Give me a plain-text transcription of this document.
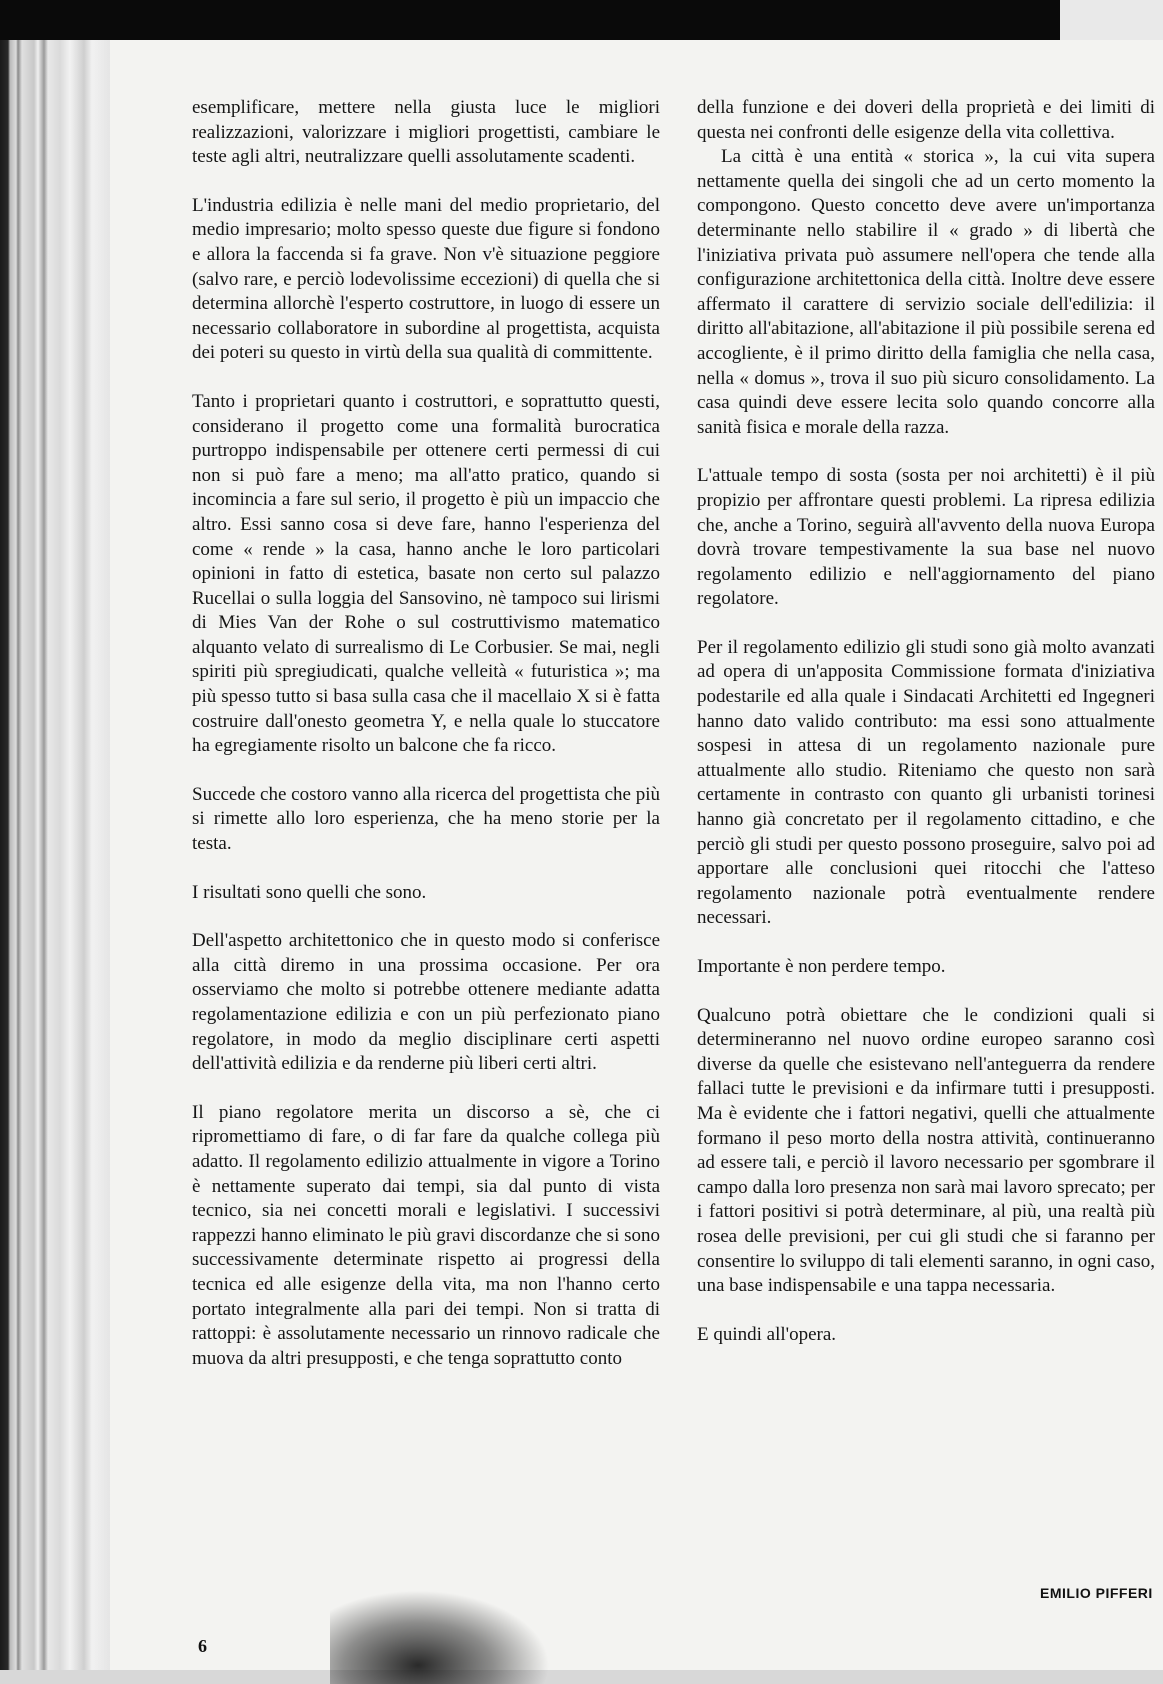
esemplificare, mettere nella giusta luce le migliori realizzazioni, valorizzare i migliori progettisti, cambiare le teste agli altri, neutralizzare quelli assolutamente scadenti.

L'industria edilizia è nelle mani del medio proprietario, del medio impresario; molto spesso queste due figure si fondono e allora la faccenda si fa grave. Non v'è situazione peggiore (salvo rare, e perciò lodevolissime eccezioni) di quella che si determina allorchè l'esperto costruttore, in luogo di essere un necessario collaboratore in subordine al progettista, acquista dei poteri su questo in virtù della sua qualità di committente.

Tanto i proprietari quanto i costruttori, e soprattutto questi, considerano il progetto come una formalità burocratica purtroppo indispensabile per ottenere certi permessi di cui non si può fare a meno; ma all'atto pratico, quando si incomincia a fare sul serio, il progetto è più un impaccio che altro. Essi sanno cosa si deve fare, hanno l'esperienza del come « rende » la casa, hanno anche le loro particolari opinioni in fatto di estetica, basate non certo sul palazzo Rucellai o sulla loggia del Sansovino, nè tampoco sui lirismi di Mies Van der Rohe o sul costruttivismo matematico alquanto velato di surrealismo di Le Corbusier. Se mai, negli spiriti più spregiudicati, qualche velleità « futuristica »; ma più spesso tutto si basa sulla casa che il macellaio X si è fatta costruire dall'onesto geometra Y, e nella quale lo stuccatore ha egregiamente risolto un balcone che fa ricco.

Succede che costoro vanno alla ricerca del progettista che più si rimette allo loro esperienza, che ha meno storie per la testa.

I risultati sono quelli che sono.

Dell'aspetto architettonico che in questo modo si conferisce alla città diremo in una prossima occasione. Per ora osserviamo che molto si potrebbe ottenere mediante adatta regolamentazione edilizia e con un più perfezionato piano regolatore, in modo da meglio disciplinare certi aspetti dell'attività edilizia e da renderne più liberi certi altri.

Il piano regolatore merita un discorso a sè, che ci ripromettiamo di fare, o di far fare da qualche collega più adatto. Il regolamento edilizio attualmente in vigore a Torino è nettamente superato dai tempi, sia dal punto di vista tecnico, sia nei concetti morali e legislativi. I successivi rappezzi hanno eliminato le più gravi discordanze che si sono successivamente determinate rispetto ai progressi della tecnica ed alle esigenze della vita, ma non l'hanno certo portato integralmente alla pari dei tempi. Non si tratta di rattoppi: è assolutamente necessario un rinnovo radicale che muova da altri presupposti, e che tenga soprattutto conto

della funzione e dei doveri della proprietà e dei limiti di questa nei confronti delle esigenze della vita collettiva.

La città è una entità « storica », la cui vita supera nettamente quella dei singoli che ad un certo momento la compongono. Questo concetto deve avere un'importanza determinante nello stabilire il « grado » di libertà che l'iniziativa privata può assumere nell'opera che tende alla configurazione architettonica della città. Inoltre deve essere affermato il carattere di servizio sociale dell'edilizia: il diritto all'abitazione, all'abitazione il più possibile serena ed accogliente, è il primo diritto della famiglia che nella casa, nella « domus », trova il suo più sicuro consolidamento. La casa quindi deve essere lecita solo quando concorre alla sanità fisica e morale della razza.

L'attuale tempo di sosta (sosta per noi architetti) è il più propizio per affrontare questi problemi. La ripresa edilizia che, anche a Torino, seguirà all'avvento della nuova Europa dovrà trovare tempestivamente la sua base nel nuovo regolamento edilizio e nell'aggiornamento del piano regolatore.

Per il regolamento edilizio gli studi sono già molto avanzati ad opera di un'apposita Commissione formata d'iniziativa podestarile ed alla quale i Sindacati Architetti ed Ingegneri hanno dato valido contributo: ma essi sono attualmente sospesi in attesa di un regolamento nazionale pure attualmente allo studio. Riteniamo che questo non sarà certamente in contrasto con quanto gli urbanisti torinesi hanno già concretato per il regolamento cittadino, e che perciò gli studi per questo possono proseguire, salvo poi ad apportare alle conclusioni quei ritocchi che l'atteso regolamento nazionale potrà eventualmente rendere necessari.

Importante è non perdere tempo.

Qualcuno potrà obiettare che le condizioni quali si determineranno nel nuovo ordine europeo saranno così diverse da quelle che esistevano nell'anteguerra da rendere fallaci tutte le previsioni e da infirmare tutti i presupposti. Ma è evidente che i fattori negativi, quelli che attualmente formano il peso morto della nostra attività, continueranno ad essere tali, e perciò il lavoro necessario per sgombrare il campo dalla loro presenza non sarà mai lavoro sprecato; per i fattori positivi si potrà determinare, al più, una realtà più rosea delle previsioni, per cui gli studi che si faranno per consentire lo sviluppo di tali elementi saranno, in ogni caso, una base indispensabile e una tappa necessaria.

E quindi all'opera.

EMILIO PIFFERI
6
